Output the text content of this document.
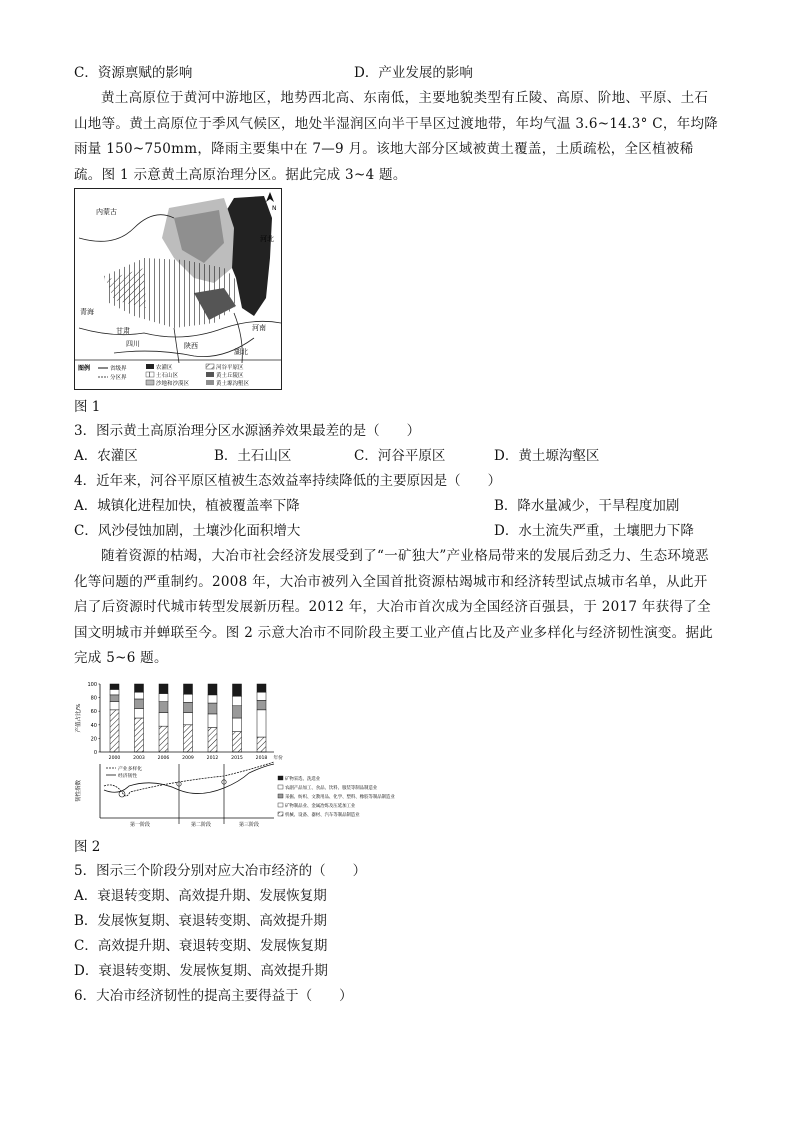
C．资源禀赋的影响	D．产业发展的影响
黄土高原位于黄河中游地区，地势西北高、东南低，主要地貌类型有丘陵、高原、阶地、平原、土石山地等。黄土高原位于季风气候区，地处半湿润区向半干旱区过渡地带，年均气温 3.6~14.3° C，年均降雨量 150~750mm，降雨主要集中在 7—9 月。该地大部分区域被黄土覆盖，土质疏松，全区植被稀疏。图 1 示意黄土高原治理分区。据此完成 3~4 题。
内蒙古
河北
河南
陕西
四川
甘肃
青海
湖北
N
图例	省级界
分区界
农灌区
土石山区
沙地和沙漠区
河谷平原区
黄土丘陵区
黄土塬沟壑区
图 1
3．图示黄土高原治理分区水源涵养效果最差的是（　　）
A．农灌区	B．土石山区	C．河谷平原区	D．黄土塬沟壑区
4．近年来，河谷平原区植被生态效益率持续降低的主要原因是（　　）
A．城镇化进程加快，植被覆盖率下降	B．降水量减少，干旱程度加剧
C．风沙侵蚀加剧，土壤沙化面积增大	D．水土流失严重，土壤肥力下降
随着资源的枯竭，大冶市社会经济发展受到了“一矿独大”产业格局带来的发展后劲乏力、生态环境恶化等问题的严重制约。2008 年，大冶市被列入全国首批资源枯竭城市和经济转型试点城市名单，从此开启了后资源时代城市转型发展新历程。2012 年，大冶市首次成为全国经济百强县，于 2017 年获得了全国文明城市并蝉联至今。图 2 示意大冶市不同阶段主要工业产值占比及产业多样化与经济韧性演变。据此完成 5~6 题。
100
80
60
40
20
0
产值占比/%
2000	2003	2006	2009	2012	2015	2018 年份
韧性指数
第一阶段	第二阶段	第三阶段
产业多样化
经济韧性
矿物采选、洗选业
农副产品加工、食品、饮料、服装等制品制造业
采掘、纺织、文教用品、化学、塑料、橡胶等制品制造业
矿物制品业、金属冶炼及压延加工业
机械、设备、器材、汽车等制品制造业
图 2
5．图示三个阶段分别对应大冶市经济的（　　）
A．衰退转变期、高效提升期、发展恢复期
B．发展恢复期、衰退转变期、高效提升期
C．高效提升期、衰退转变期、发展恢复期
D．衰退转变期、发展恢复期、高效提升期
6．大冶市经济韧性的提高主要得益于（　　）
